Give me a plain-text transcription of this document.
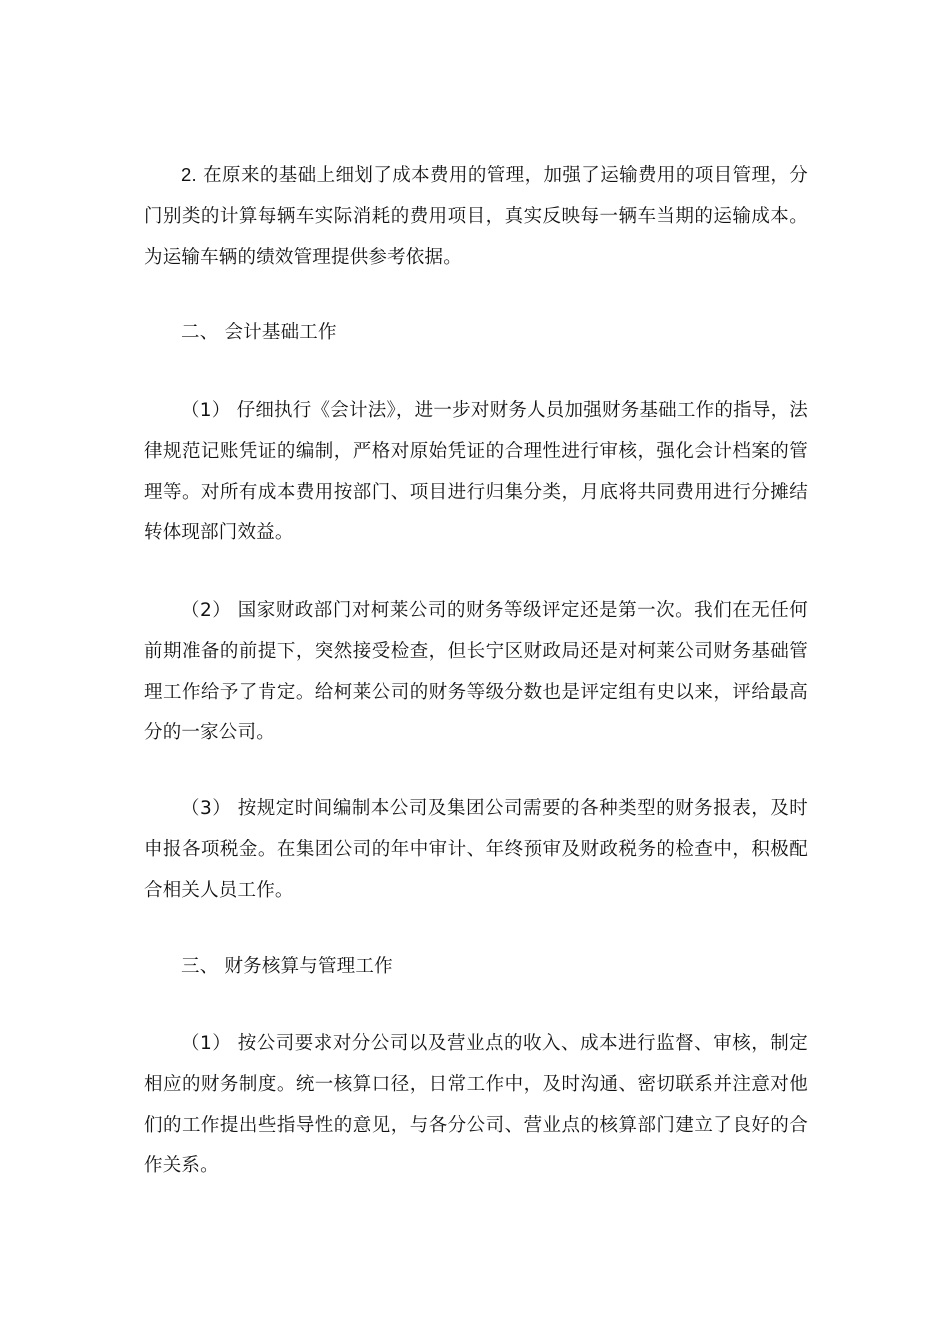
2. 在原来的基础上细划了成本费用的管理，加强了运输费用的项目管理，分门别类的计算每辆车实际消耗的费用项目，真实反映每一辆车当期的运输成本。为运输车辆的绩效管理提供参考依据。

二、 会计基础工作

（1） 仔细执行《会计法》，进一步对财务人员加强财务基础工作的指导，法律规范记账凭证的编制，严格对原始凭证的合理性进行审核，强化会计档案的管理等。对所有成本费用按部门、项目进行归集分类，月底将共同费用进行分摊结转体现部门效益。

（2） 国家财政部门对柯莱公司的财务等级评定还是第一次。我们在无任何前期准备的前提下，突然接受检查，但长宁区财政局还是对柯莱公司财务基础管理工作给予了肯定。给柯莱公司的财务等级分数也是评定组有史以来，评给最高分的一家公司。

（3） 按规定时间编制本公司及集团公司需要的各种类型的财务报表，及时申报各项税金。在集团公司的年中审计、年终预审及财政税务的检查中，积极配合相关人员工作。

三、 财务核算与管理工作

（1） 按公司要求对分公司以及营业点的收入、成本进行监督、审核，制定相应的财务制度。统一核算口径，日常工作中，及时沟通、密切联系并注意对他们的工作提出些指导性的意见，与各分公司、营业点的核算部门建立了良好的合作关系。
